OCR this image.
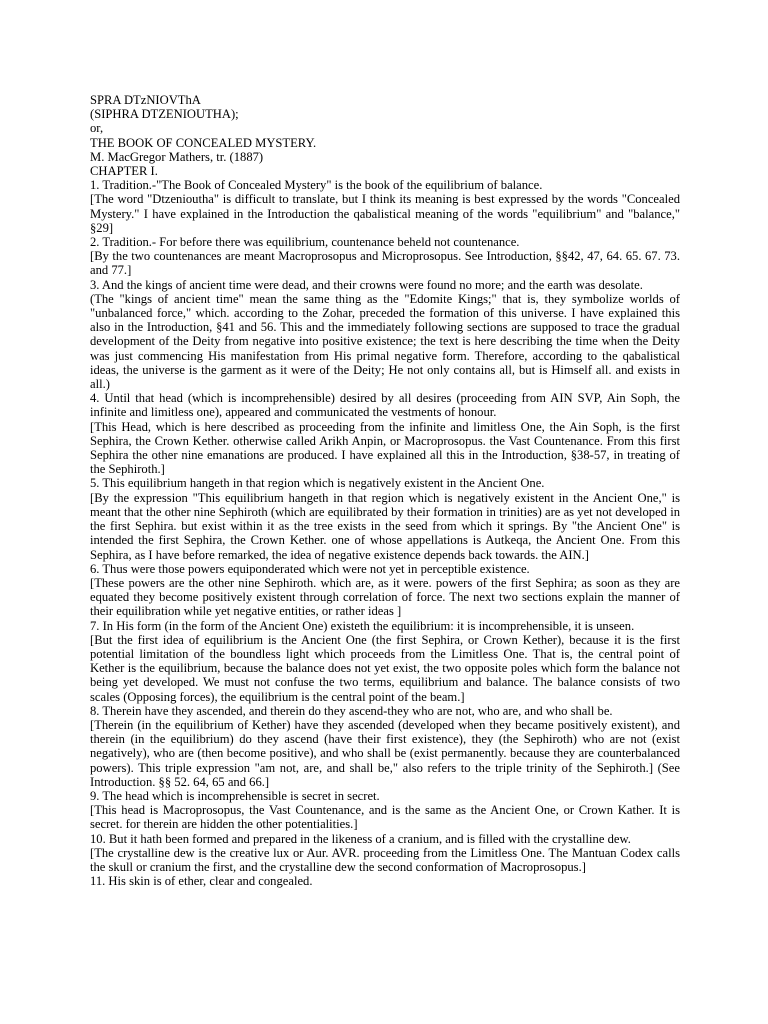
SPRA DTzNIOVThA

(SIPHRA DTZENIOUTHA);

or,

THE BOOK OF CONCEALED MYSTERY.

M. MacGregor Mathers, tr. (1887)

CHAPTER I.

1. Tradition.-"The Book of Concealed Mystery" is the book of the equilibrium of balance.

[The word "Dtzenioutha" is difficult to translate, but I think its meaning is best expressed by the words "Concealed Mystery." I have explained in the Introduction the qabalistical meaning of the words "equilibrium" and "balance," §29]

2. Tradition.- For before there was equilibrium, countenance beheld not countenance.

[By the two countenances are meant Macroprosopus and Microprosopus. See Introduction, §§42, 47, 64. 65. 67. 73. and 77.]

3. And the kings of ancient time were dead, and their crowns were found no more; and the earth was desolate.

(The "kings of ancient time" mean the same thing as the "Edomite Kings;" that is, they symbolize worlds of "unbalanced force," which. according to the Zohar, preceded the formation of this universe. I have explained this also in the Introduction, §41 and 56. This and the immediately following sections are supposed to trace the gradual development of the Deity from negative into positive existence; the text is here describing the time when the Deity was just commencing His manifestation from His primal negative form. Therefore, according to the qabalistical ideas, the universe is the garment as it were of the Deity; He not only contains all, but is Himself all. and exists in all.)

4. Until that head (which is incomprehensible) desired by all desires (proceeding from AIN SVP, Ain Soph, the infinite and limitless one), appeared and communicated the vestments of honour.

[This Head, which is here described as proceeding from the infinite and limitless One, the Ain Soph, is the first Sephira, the Crown Kether. otherwise called Arikh Anpin, or Macroprosopus. the Vast Countenance. From this first Sephira the other nine emanations are produced. I have explained all this in the Introduction, §38-57, in treating of the Sephiroth.]

5. This equilibrium hangeth in that region which is negatively existent in the Ancient One.

[By the expression "This equilibrium hangeth in that region which is negatively existent in the Ancient One," is meant that the other nine Sephiroth (which are equilibrated by their formation in trinities) are as yet not developed in the first Sephira. but exist within it as the tree exists in the seed from which it springs. By "the Ancient One" is intended the first Sephira, the Crown Kether. one of whose appellations is Autkeqa, the Ancient One. From this Sephira, as I have before remarked, the idea of negative existence depends back towards. the AIN.]

6. Thus were those powers equiponderated which were not yet in perceptible existence.

[These powers are the other nine Sephiroth. which are, as it were. powers of the first Sephira; as soon as they are equated they become positively existent through correlation of force. The next two sections explain the manner of their equilibration while yet negative entities, or rather ideas ]

7. In His form (in the form of the Ancient One) existeth the equilibrium: it is incomprehensible, it is unseen.

[But the first idea of equilibrium is the Ancient One (the first Sephira, or Crown Kether), because it is the first potential limitation of the boundless light which proceeds from the Limitless One. That is, the central point of Kether is the equilibrium, because the balance does not yet exist, the two opposite poles which form the balance not being yet developed. We must not confuse the two terms, equilibrium and balance. The balance consists of two scales (Opposing forces), the equilibrium is the central point of the beam.]

8. Therein have they ascended, and therein do they ascend-they who are not, who are, and who shall be.

[Therein (in the equilibrium of Kether) have they ascended (developed when they became positively existent), and therein (in the equilibrium) do they ascend (have their first existence), they (the Sephiroth) who are not (exist negatively), who are (then become positive), and who shall be (exist permanently. because they are counterbalanced powers). This triple expression "am not, are, and shall be," also refers to the triple trinity of the Sephiroth.] (See Introduction. §§ 52. 64, 65 and 66.]

9. The head which is incomprehensible is secret in secret.

[This head is Macroprosopus, the Vast Countenance, and is the same as the Ancient One, or Crown Kather. It is secret. for therein are hidden the other potentialities.]

10. But it hath been formed and prepared in the likeness of a cranium, and is filled with the crystalline dew.

[The crystalline dew is the creative lux or Aur. AVR. proceeding from the Limitless One. The Mantuan Codex calls the skull or cranium the first, and the crystalline dew the second conformation of Macroprosopus.]

11. His skin is of ether, clear and congealed.
